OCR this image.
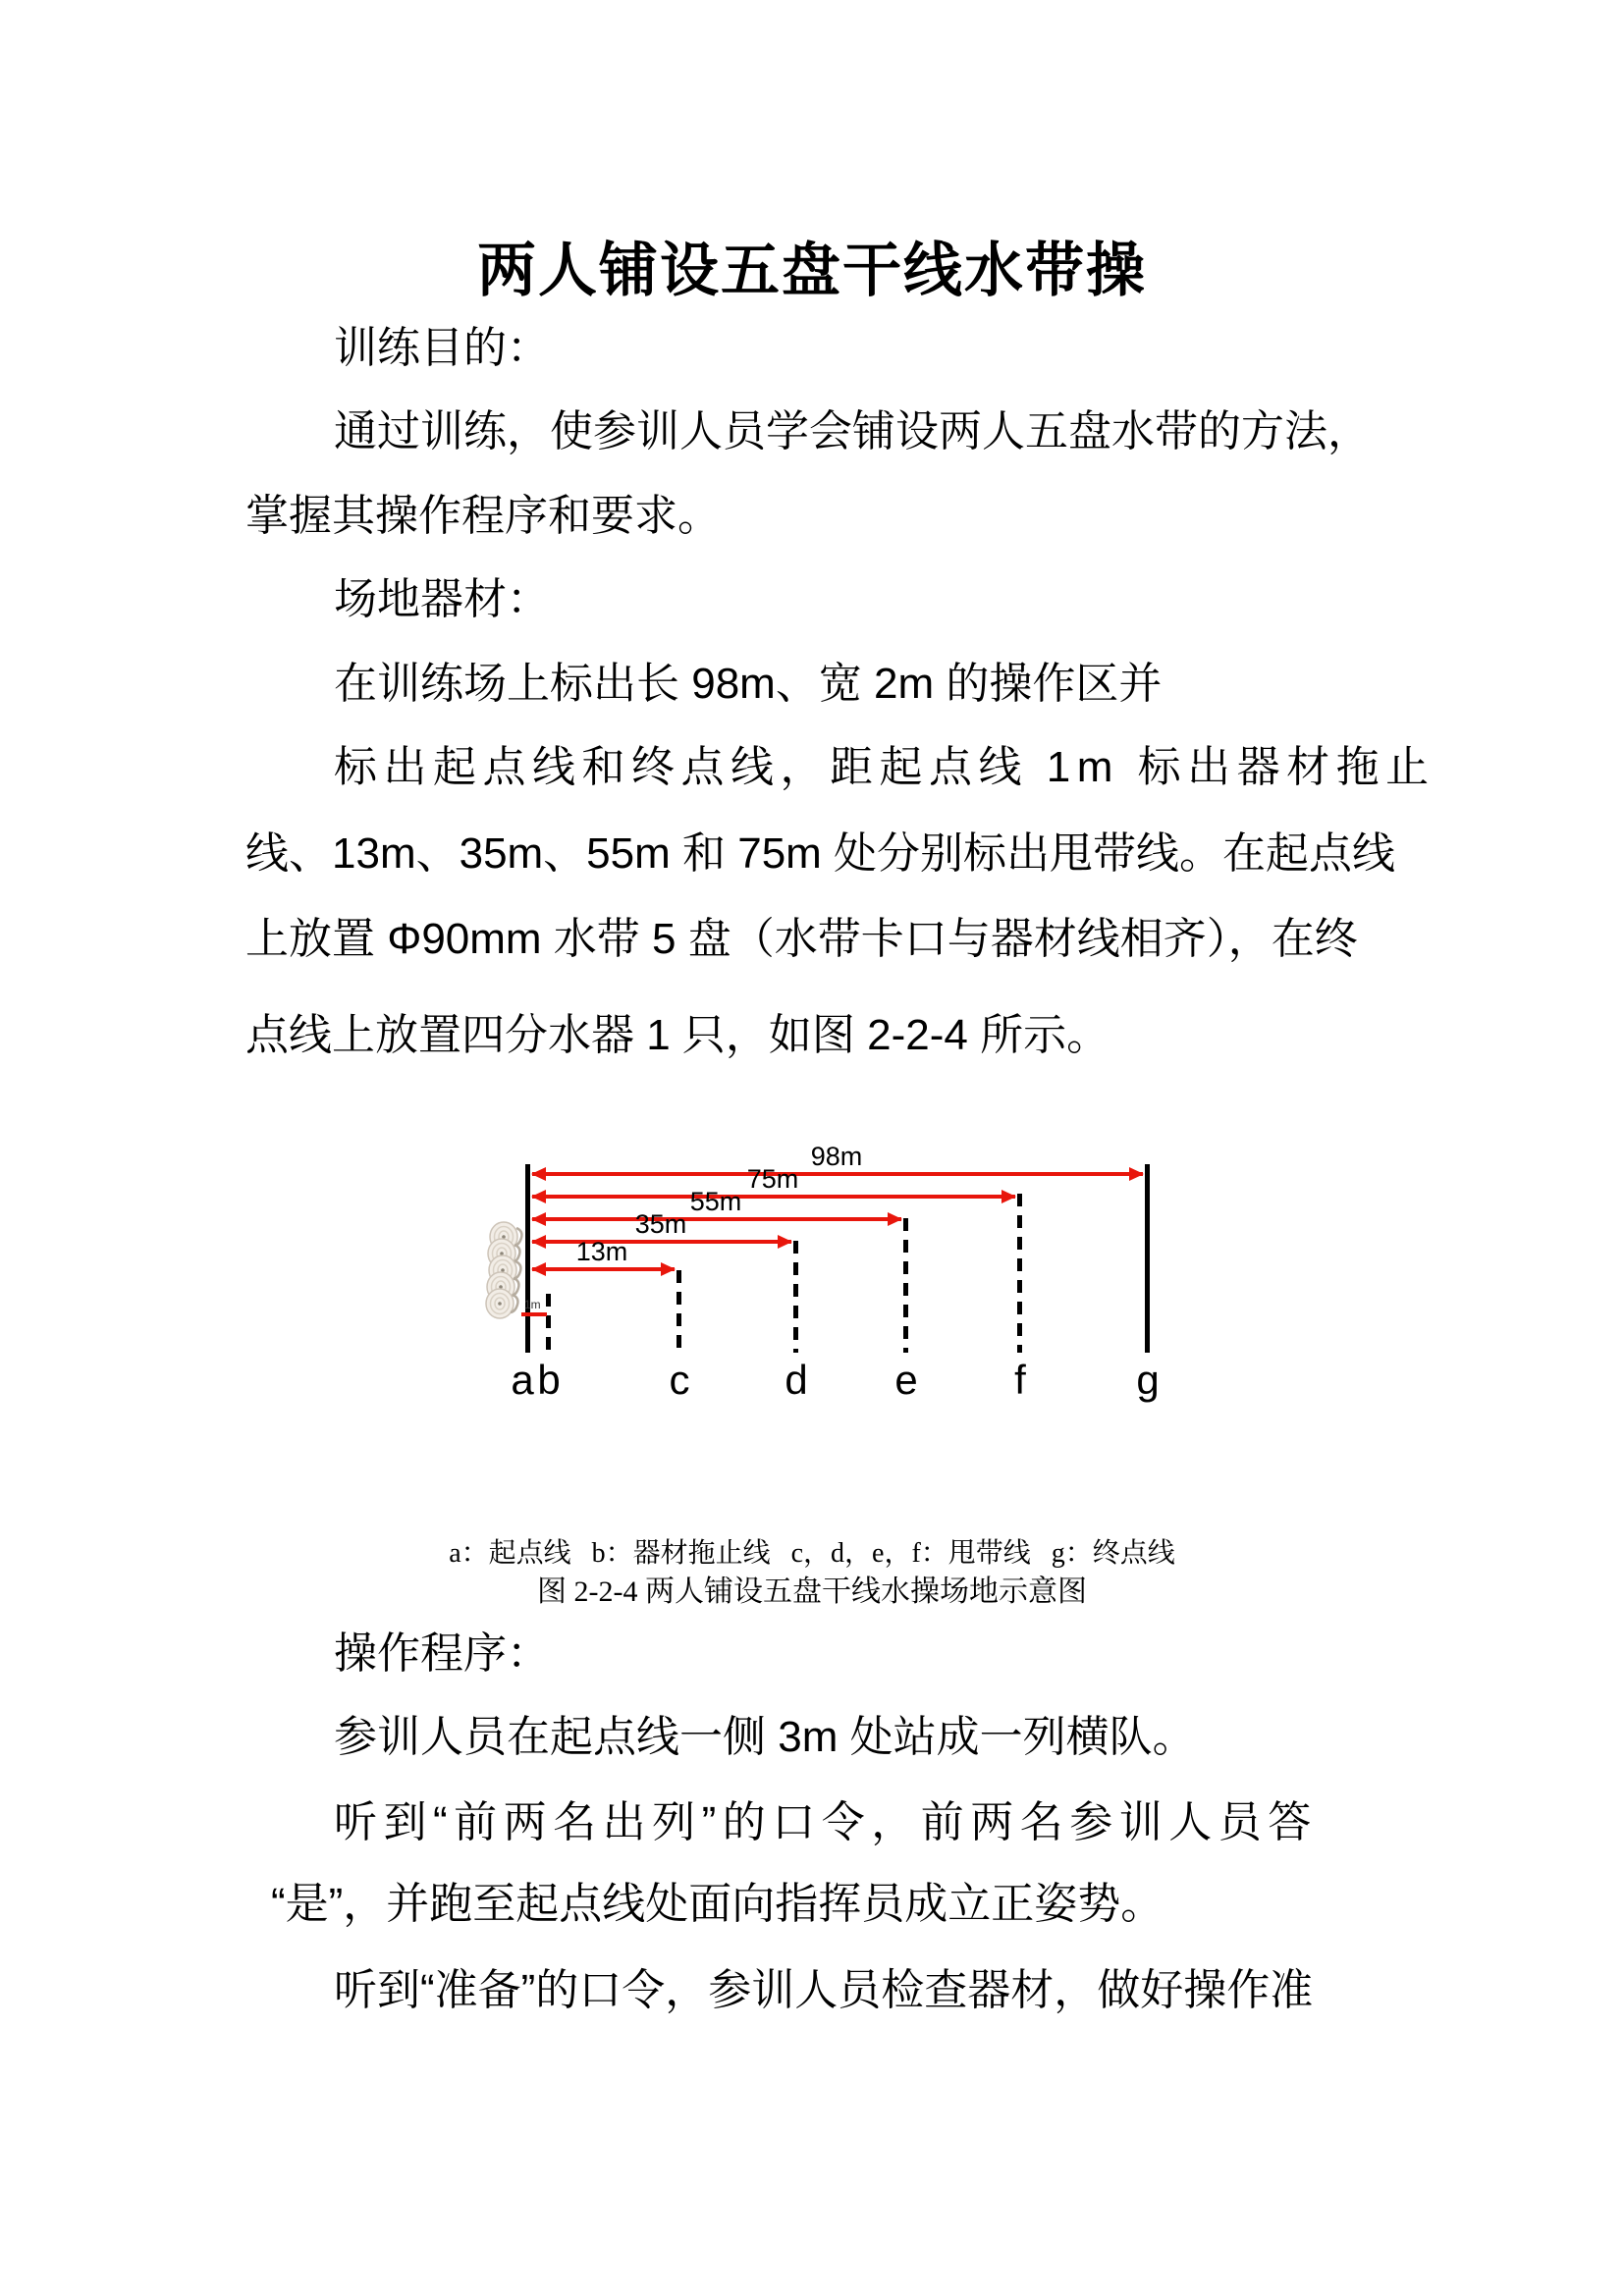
两人铺设五盘干线水带操
训练目的：
通过训练，使参训人员学会铺设两人五盘水带的方法，
掌握其操作程序和要求。
场地器材：
在训练场上标出长 98m、宽 2m 的操作区并
标出起点线和终点线，距起点线 1m 标出器材拖止
线、13m、35m、55m 和 75m 处分别标出甩带线。在起点线
上放置 Φ90mm 水带 5 盘（水带卡口与器材线相齐），在终
点线上放置四分水器 1 只，如图 2-2-4 所示。
操作程序：
参训人员在起点线一侧 3m 处站成一列横队。
听到“前两名出列”的口令，前两名参训人员答
“是”，并跑至起点线处面向指挥员成立正姿势。
听到“准备”的口令，参训人员检查器材，做好操作准
98m
75m
55m
35m
13m
1m
a b	c d e f	g
a：起点线   b：器材拖止线   c，d，e，f：甩带线   g：终点线
图 2-2-4 两人铺设五盘干线水操场地示意图
